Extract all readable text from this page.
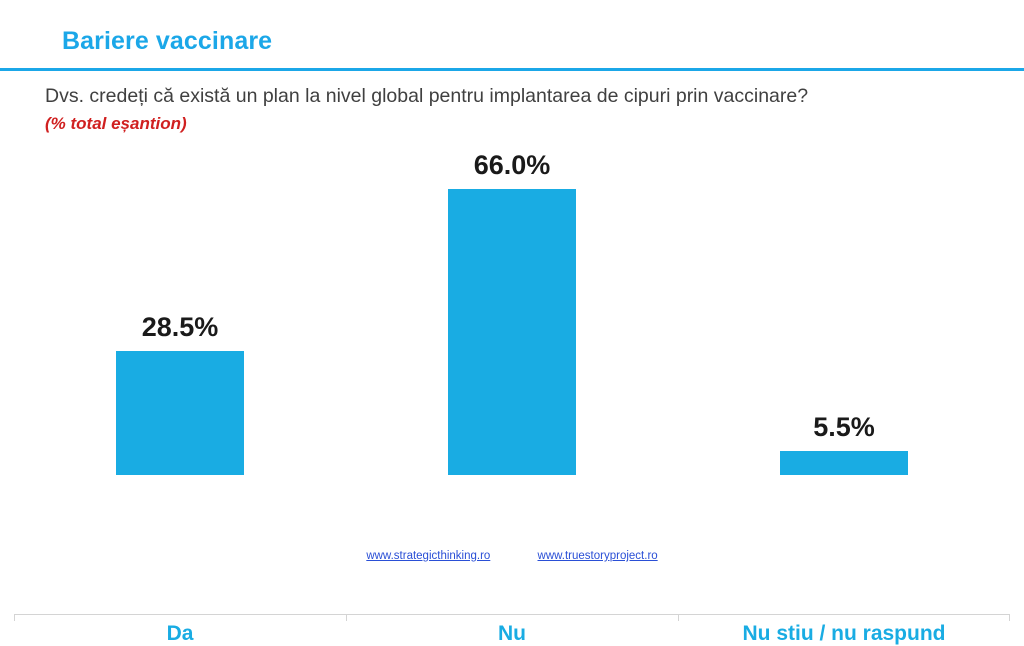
Bariere vaccinare
Dvs. credeți că există un plan la nivel global pentru implantarea de cipuri prin vaccinare?
(% total eșantion)
28.5%
66.0%
5.5%
Da	Nu	Nu stiu / nu raspund
www.strategicthinking.ro	www.truestoryproject.ro
